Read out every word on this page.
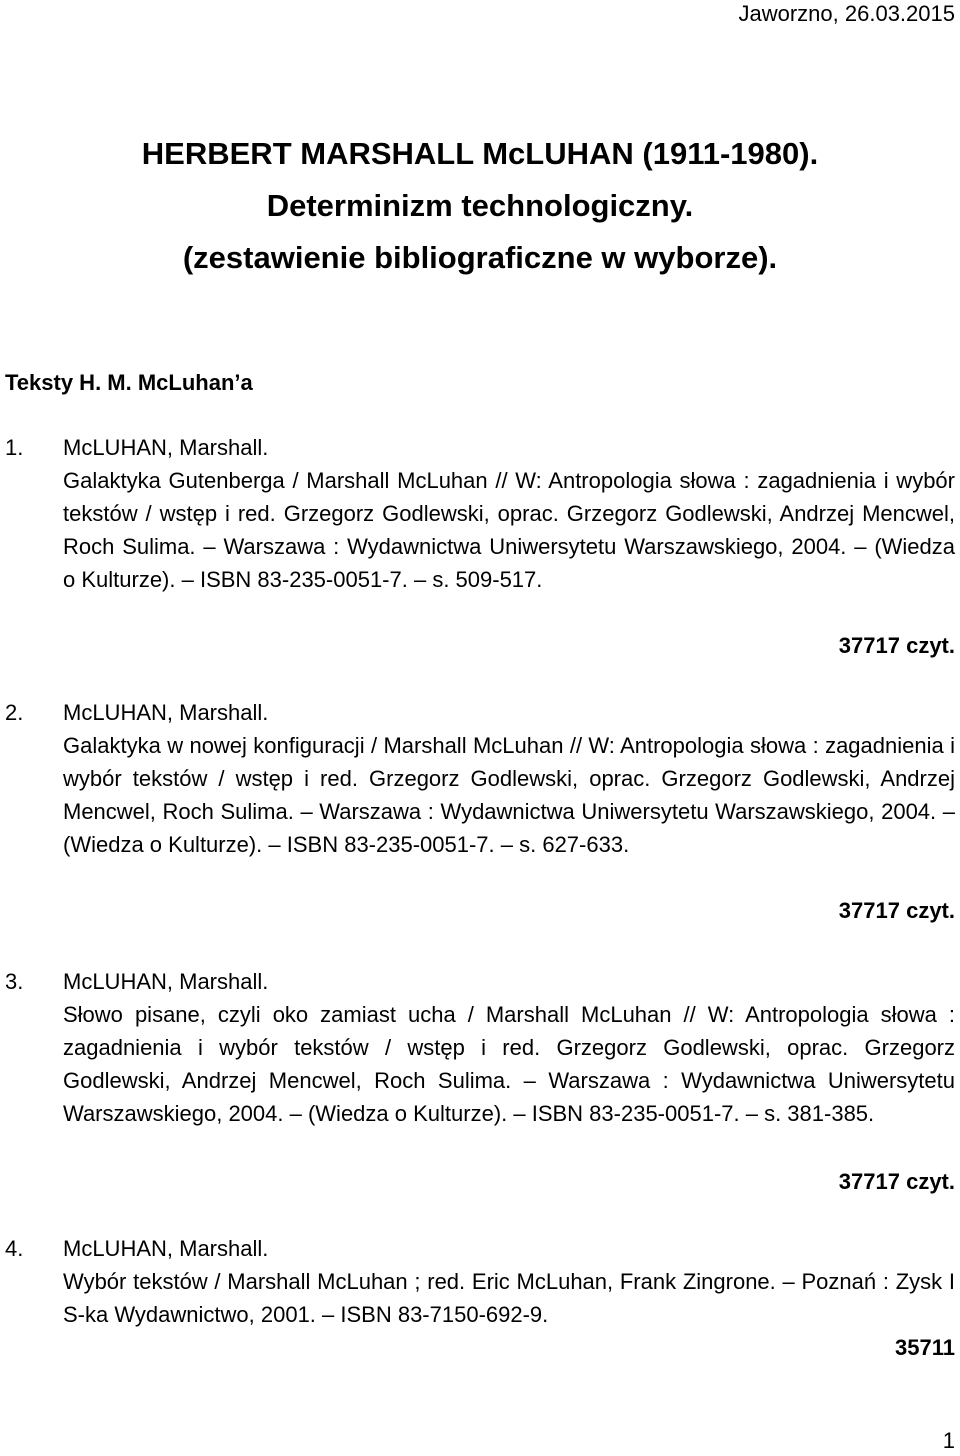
Jaworzno, 26.03.2015
HERBERT MARSHALL McLUHAN (1911-1980).
Determinizm technologiczny.
(zestawienie bibliograficzne w wyborze).
Teksty H. M. McLuhan’a
1. McLUHAN, Marshall.
Galaktyka Gutenberga / Marshall McLuhan // W: Antropologia słowa : zagadnienia i wybór tekstów / wstęp i red. Grzegorz Godlewski, oprac. Grzegorz Godlewski, Andrzej Mencwel, Roch Sulima. – Warszawa : Wydawnictwa Uniwersytetu Warszawskiego, 2004. – (Wiedza o Kulturze). – ISBN 83-235-0051-7. – s. 509-517.
37717 czyt.
2. McLUHAN, Marshall.
Galaktyka w nowej konfiguracji / Marshall McLuhan // W: Antropologia słowa : zagadnienia i wybór tekstów / wstęp i red. Grzegorz Godlewski, oprac. Grzegorz Godlewski, Andrzej Mencwel, Roch Sulima. – Warszawa : Wydawnictwa Uniwersytetu Warszawskiego, 2004. – (Wiedza o Kulturze). – ISBN 83-235-0051-7. – s. 627-633.
37717 czyt.
3. McLUHAN, Marshall.
Słowo pisane, czyli oko zamiast ucha / Marshall McLuhan // W: Antropologia słowa : zagadnienia i wybór tekstów / wstęp i red. Grzegorz Godlewski, oprac. Grzegorz Godlewski, Andrzej Mencwel, Roch Sulima. – Warszawa : Wydawnictwa Uniwersytetu Warszawskiego, 2004. – (Wiedza o Kulturze). – ISBN 83-235-0051-7. – s. 381-385.
37717 czyt.
4. McLUHAN, Marshall.
Wybór tekstów / Marshall McLuhan ; red. Eric McLuhan, Frank Zingrone. – Poznań : Zysk I S-ka Wydawnictwo, 2001. – ISBN 83-7150-692-9.
35711
1
